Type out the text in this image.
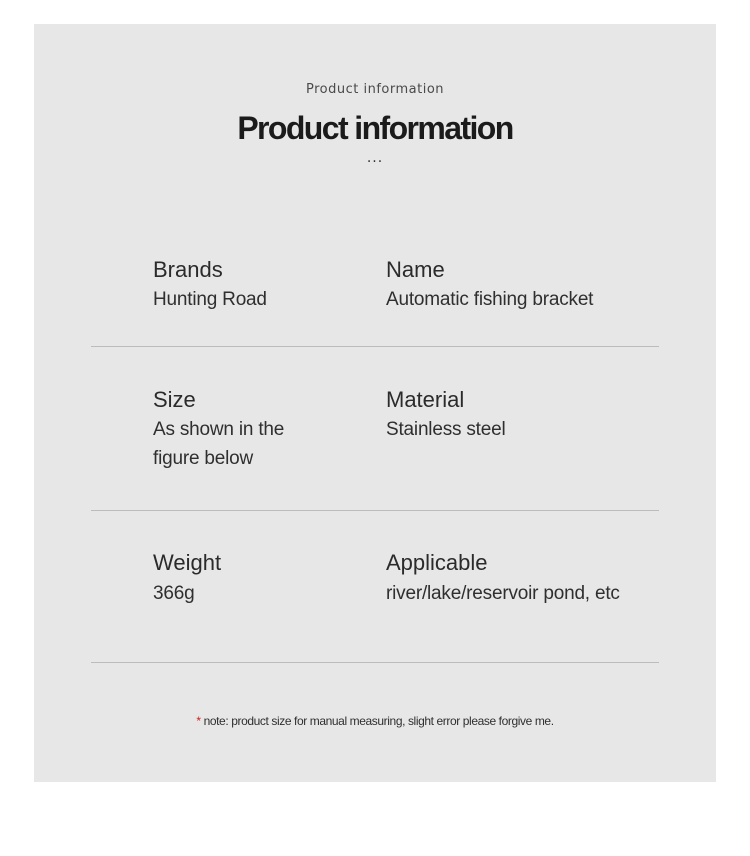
Product information
Product information
···
Brands
Hunting Road
Name
Automatic fishing bracket
Size
As shown in the figure below
Material
Stainless steel
Weight
366g
Applicable
river/lake/reservoir pond, etc
* note: product size for manual measuring, slight error please forgive me.
